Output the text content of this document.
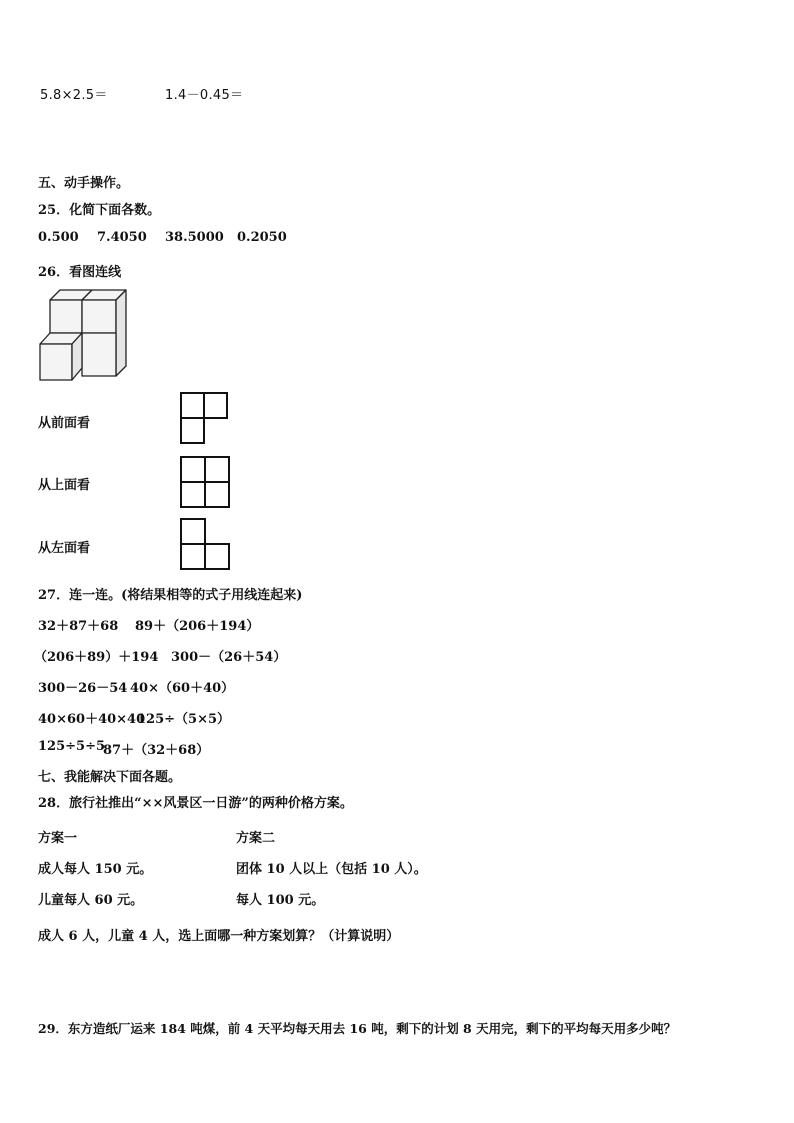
5.8×2.5＝	1.4－0.45＝
五、动手操作。
25．化简下面各数。
0.500 7.4050 38.5000 0.2050
26．看图连线
从前面看
从上面看
从左面看
27．连一连。(将结果相等的式子用线连起来)
32＋87＋68 89＋（206＋194）
（206＋89）＋194 300－（26＋54）
300－26－54 40×（60＋40）
40×60＋40×40
125÷（5×5）
125÷5÷5
87＋（32＋68）
七、我能解决下面各题。
28．旅行社推出“××风景区一日游”的两种价格方案。
方案一	方案二
成人每人 150 元。	团体 10 人以上（包括 10 人）。
儿童每人 60 元。	每人 100 元。
成人 6 人，儿童 4 人，选上面哪一种方案划算？（计算说明）
29．东方造纸厂运来 184 吨煤，前 4 天平均每天用去 16 吨，剩下的计划 8 天用完，剩下的平均每天用多少吨？
